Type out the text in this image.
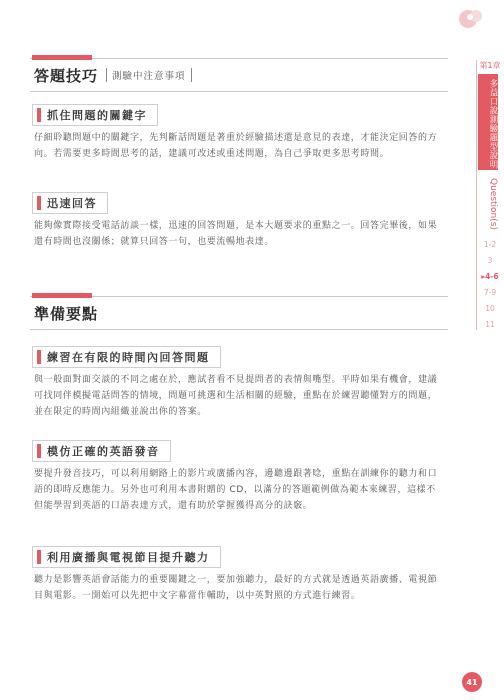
第1章
多益口說測驗題型說明
Question(s)
1-2
3
▸4-6
7-9
10
11
答題技巧	測驗中注意事項
抓住問題的關鍵字
仔細聆聽問題中的關鍵字，先判斷話問題是著重於經驗描述還是意見的表達，才能決定回答的方向。若需要更多時間思考的話，建議可改述或重述問題，為自己爭取更多思考時間。
迅速回答
能夠像實際接受電話訪談一樣，迅速的回答問題，是本大題要求的重點之一。回答完畢後，如果還有時間也沒關係；就算只回答一句，也要流暢地表達。
準備要點
練習在有限的時間內回答問題
與一般面對面交談的不同之處在於，應試者看不見提問者的表情與嘴型。平時如果有機會，建議可找同伴模擬電話問答的情境，問題可挑選和生活相關的經驗，重點在於練習聽懂對方的問題，並在限定的時間內組織並說出你的答案。
模仿正確的英語發音
要提升發音技巧，可以利用網路上的影片或廣播內容，邊聽邊跟著唸，重點在訓練你的聽力和口語的即時反應能力。另外也可利用本書附贈的 CD，以滿分的答題範例做為範本來練習，這樣不但能學習到英語的口語表達方式，還有助於掌握獲得高分的訣竅。
利用廣播與電視節目提升聽力
聽力是影響英語會話能力的重要關鍵之一，要加強聽力，最好的方式就是透過英語廣播、電視節目與電影。一開始可以先把中文字幕當作輔助，以中英對照的方式進行練習。
41
